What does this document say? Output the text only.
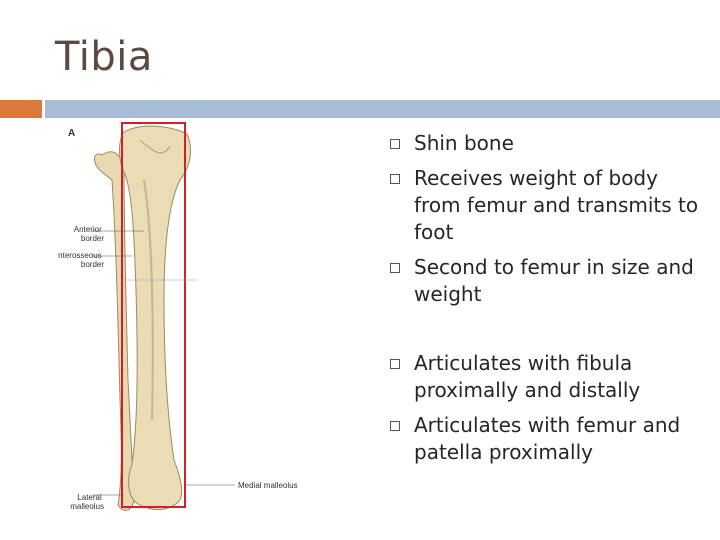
Tibia
A
Anterior border
nterosseous border
Medial malleolus
Lateral malleolus
Shin bone
Receives weight of body from femur and transmits to foot
Second to femur in size and weight
Articulates with fibula proximally and distally
Articulates with femur and patella proximally
